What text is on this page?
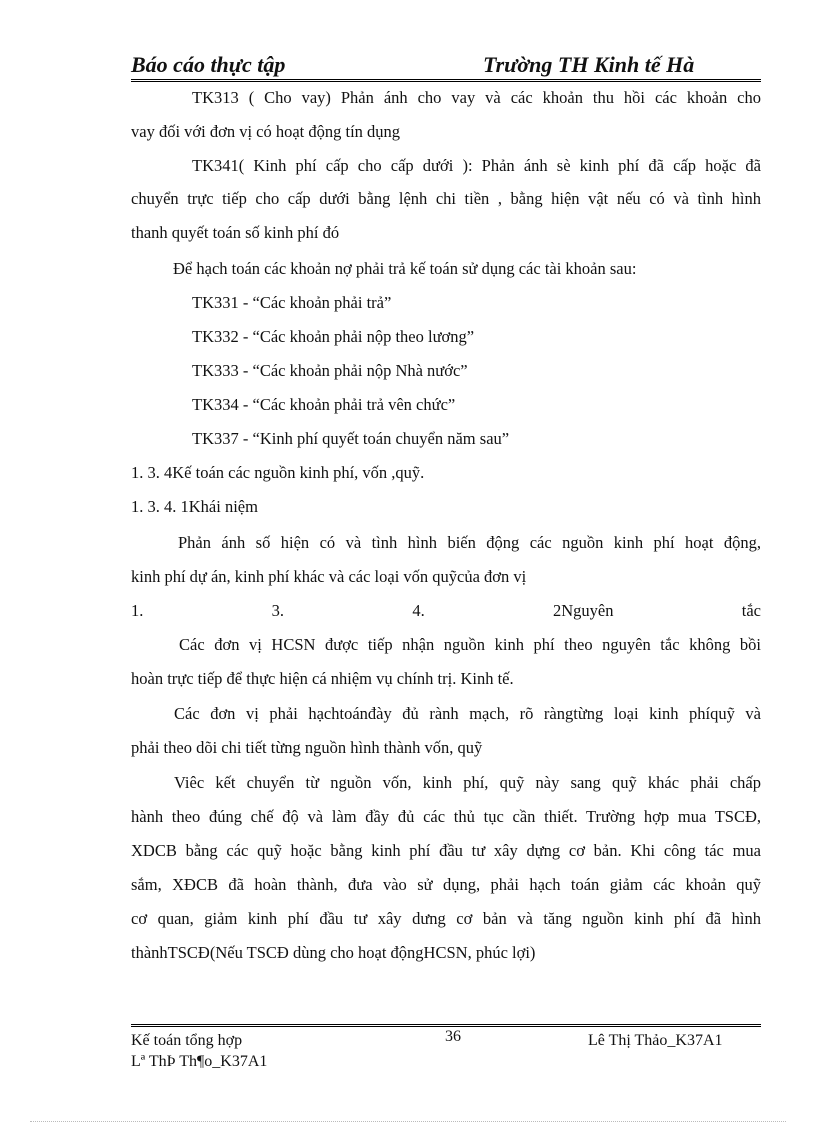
Báo cáo thực tập	Trường TH Kinh tế Hà
TK313 ( Cho vay) Phản ánh cho vay và các khoản thu hồi các khoản cho
vay đối với đơn vị có hoạt động tín dụng
TK341( Kinh phí cấp cho cấp dưới ): Phản ánh sè kinh phí đã cấp hoặc đã
chuyển trực tiếp cho cấp dưới bằng lệnh chi tiền , bằng hiện vật nếu có và tình hình
thanh quyết toán số kinh phí đó
Để hạch toán các khoản nợ phải trả kế toán sử dụng các tài khoản sau:
TK331 - “Các khoản phải trả”
TK332 - “Các khoản phải nộp theo lương”
TK333 - “Các khoản phải nộp Nhà nước”
TK334 - “Các khoản phải trả vên chức”
TK337 - “Kinh phí quyết toán chuyển năm sau”
1. 3. 4Kế toán các nguồn kinh phí, vốn ,quỹ.
1. 3. 4. 1Khái niệm
Phản ánh số hiện có và tình hình biến động các nguồn kinh phí hoạt động,
kinh phí dự án, kinh phí khác và các loại vốn quỹcủa đơn vị
1.	3.	4.	2Nguyên	tắc
Các đơn vị HCSN được tiếp nhận nguồn kinh phí theo nguyên tắc không bồi
hoàn trực tiếp để thực hiện cá nhiệm vụ chính trị. Kinh tế.
Các đơn vị phải hạchtoánđày đủ rành mạch, rõ ràngtừng loại kinh phíquỹ và
phải theo dõi chi tiết từng nguồn hình thành vốn, quỹ
Viêc kết chuyển từ nguồn vốn, kinh phí, quỹ này sang quỹ khác phải chấp
hành theo đúng chế độ và làm đầy đủ các thủ tục cần thiết. Trường hợp mua TSCĐ,
XDCB bằng các quỹ hoặc bằng kinh phí đầu tư xây dựng cơ bản. Khi công tác mua
sắm, XĐCB đã hoàn thành, đưa vào sử dụng, phải hạch toán giảm các khoản quỹ
cơ quan, giảm kinh phí đầu tư xây dưng cơ bản và tăng nguồn kinh phí đã hình
thànhTSCĐ(Nếu TSCĐ dùng cho hoạt độngHCSN, phúc lợi)
Kế toán tổng hợp	36	Lê Thị Thảo_K37A1
Lª ThÞ Th¶o_K37A1
